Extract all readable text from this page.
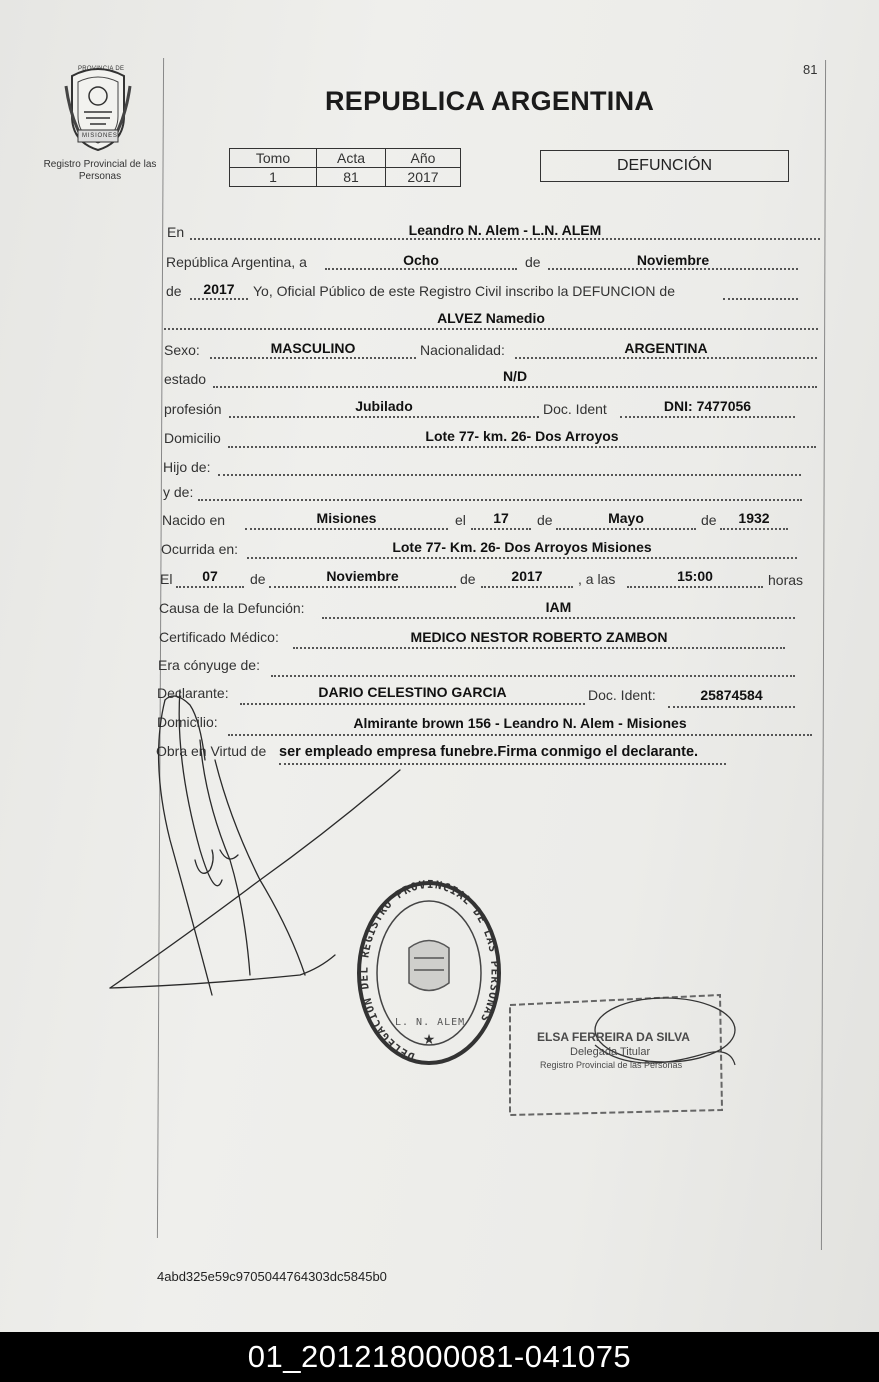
81
PROVINCIA DE
MISIONES
Registro Provincial de las Personas
REPUBLICA ARGENTINA
Tomo	Acta	Año
1	81	2017
DEFUNCIÓN
En	Leandro N. Alem - L.N. ALEM
República Argentina, a	Ocho	de	Noviembre
de	2017	Yo, Oficial Público de este Registro Civil inscribo la DEFUNCION de
ALVEZ Namedio
Sexo:	MASCULINO	Nacionalidad:	ARGENTINA
estado	N/D
profesión	Jubilado	Doc. Ident	DNI: 7477056
Domicilio	Lote 77- km. 26- Dos Arroyos
Hijo de:
y de:
Nacido en	Misiones	el	17	de	Mayo	de	1932
Ocurrida en:	Lote 77- Km. 26- Dos Arroyos Misiones
El	07	de	Noviembre	de	2017	, a las	15:00	horas
Causa de la Defunción:	IAM
Certificado Médico:	MEDICO NESTOR ROBERTO ZAMBON
Era cónyuge de:
Declarante:	DARIO CELESTINO GARCIA	Doc. Ident:	25874584
Domicilio:	Almirante brown 156 - Leandro N. Alem - Misiones
Obra en Virtud de ser empleado empresa funebre.Firma conmigo el declarante.
DELEGACION DEL REGISTRO PROVINCIAL DE LAS PERSONAS
★
L. N. ALEM
ELSA FERREIRA DA SILVA
Delegada Titular
Registro Provincial de las Personas
4abd325e59c9705044764303dc5845b0
01_201218000081-041075
